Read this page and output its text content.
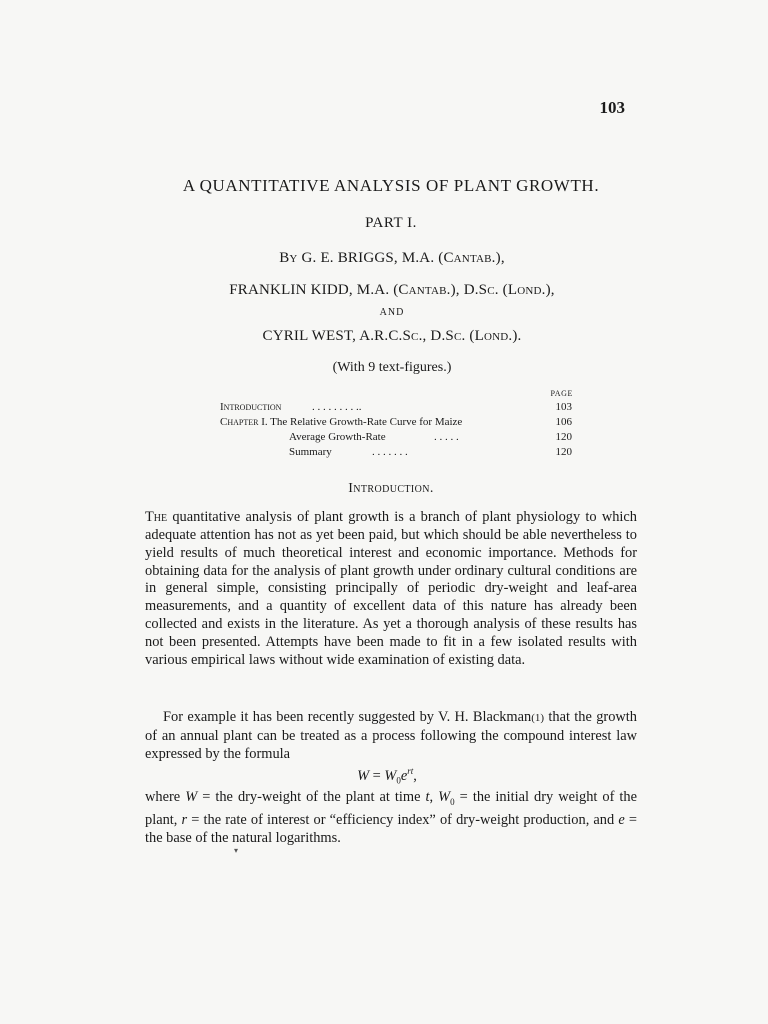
103
A QUANTITATIVE ANALYSIS OF PLANT GROWTH.
PART I.
By G. E. BRIGGS, M.A. (Cantab.),
FRANKLIN KIDD, M.A. (Cantab.), D.Sc. (Lond.),
AND
CYRIL WEST, A.R.C.Sc., D.Sc. (Lond.).
(With 9 text-figures.)
PAGE
Introduction	. . . . . . . . ..	103
Chapter I. The Relative Growth-Rate Curve for Maize	106
Average Growth-Rate	. . . . .	120
Summary	. . . . . . .	120
Introduction.
The quantitative analysis of plant growth is a branch of plant physiology to which adequate attention has not as yet been paid, but which should be able nevertheless to yield results of much theoretical interest and economic importance. Methods for obtaining data for the analysis of plant growth under ordinary cultural conditions are in general simple, consisting principally of periodic dry-weight and leaf-area measurements, and a quantity of excellent data of this nature has already been collected and exists in the literature. As yet a thorough analysis of these results has not been presented. Attempts have been made to fit in a few isolated results with various empirical laws without wide examination of existing data.
For example it has been recently suggested by V. H. Blackman(1) that the growth of an annual plant can be treated as a process following the compound interest law expressed by the formula
$W = W_0e^{rt}$,
where W = the dry-weight of the plant at time t, $W_0$ = the initial dry weight of the plant, r = the rate of interest or “efficiency index” of dry-weight production, and e = the base of the natural logarithms.
▾
